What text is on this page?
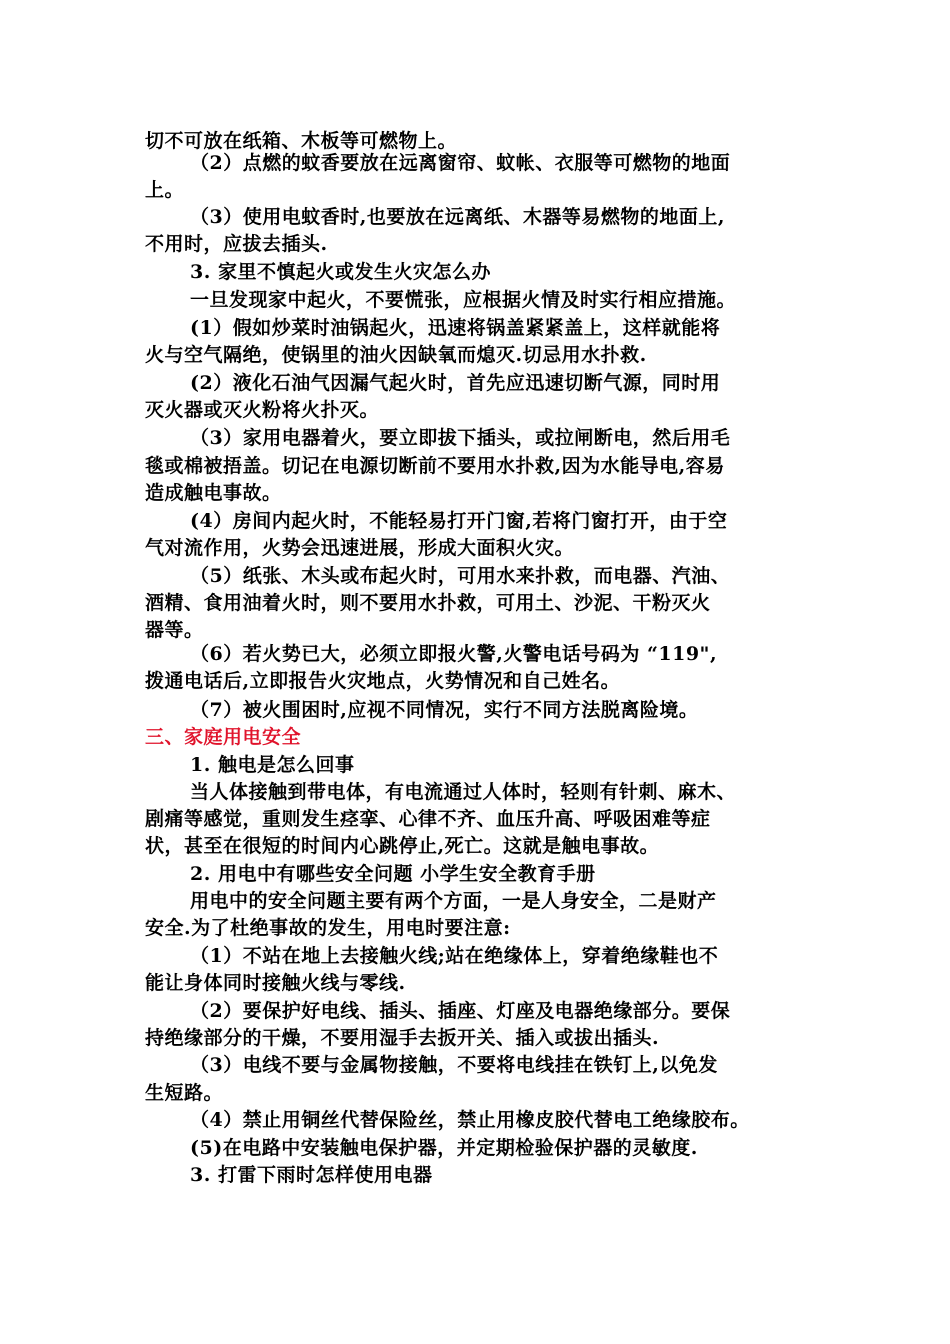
切不可放在纸箱、木板等可燃物上。
（2）点燃的蚊香要放在远离窗帘、蚊帐、衣服等可燃物的地面
上。
（3）使用电蚊香时,也要放在远离纸、木器等易燃物的地面上,
不用时，应拔去插头.
3. 家里不慎起火或发生火灾怎么办
一旦发现家中起火，不要慌张，应根据火情及时实行相应措施。
(1）假如炒菜时油锅起火，迅速将锅盖紧紧盖上，这样就能将
火与空气隔绝，使锅里的油火因缺氧而熄灭.切忌用水扑救.
(2）液化石油气因漏气起火时，首先应迅速切断气源，同时用
灭火器或灭火粉将火扑灭。
（3）家用电器着火，要立即拔下插头，或拉闸断电，然后用毛
毯或棉被捂盖。切记在电源切断前不要用水扑救,因为水能导电,容易
造成触电事故。
(4）房间内起火时，不能轻易打开门窗,若将门窗打开，由于空
气对流作用，火势会迅速进展，形成大面积火灾。
（5）纸张、木头或布起火时，可用水来扑救，而电器、汽油、
酒精、食用油着火时，则不要用水扑救，可用土、沙泥、干粉灭火
器等。
（6）若火势已大，必须立即报火警,火警电话号码为 “119",
拨通电话后,立即报告火灾地点，火势情况和自己姓名。
（7）被火围困时,应视不同情况，实行不同方法脱离险境。
三、家庭用电安全
1. 触电是怎么回事
当人体接触到带电体，有电流通过人体时，轻则有针刺、麻木、
剧痛等感觉，重则发生痉挛、心律不齐、血压升高、呼吸困难等症
状，甚至在很短的时间内心跳停止,死亡。这就是触电事故。
2. 用电中有哪些安全问题 小学生安全教育手册
用电中的安全问题主要有两个方面，一是人身安全，二是财产
安全.为了杜绝事故的发生，用电时要注意:
（1）不站在地上去接触火线;站在绝缘体上，穿着绝缘鞋也不
能让身体同时接触火线与零线.
（2）要保护好电线、插头、插座、灯座及电器绝缘部分。要保
持绝缘部分的干燥，不要用湿手去扳开关、插入或拔出插头.
（3）电线不要与金属物接触，不要将电线挂在铁钉上,以免发
生短路。
（4）禁止用铜丝代替保险丝，禁止用橡皮胶代替电工绝缘胶布。
(5)在电路中安装触电保护器，并定期检验保护器的灵敏度.
3. 打雷下雨时怎样使用电器
